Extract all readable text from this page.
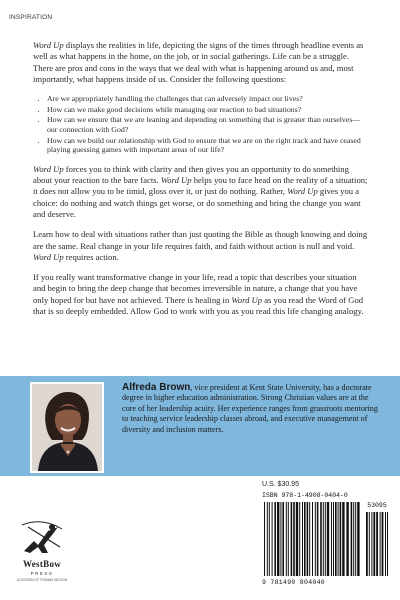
INSPIRATION

Word Up displays the realities in life, depicting the signs of the times through headline events as well as what happens in the home, on the job, or in social gatherings. Life can be a struggle. There are pros and cons in the ways that we deal with what is happening around us and, most importantly, what happens inside of us. Consider the following questions:

• Are we appropriately handling the challenges that can adversely impact our lives?
• How can we make good decisions while managing our reaction to bad situations?
• How can we ensure that we are leaning and depending on something that is greater than ourselves—our connection with God?
• How can we build our relationship with God to ensure that we are on the right track and have ceased playing guessing games with important areas of our life?

Word Up forces you to think with clarity and then gives you an opportunity to do something about your reaction to the bare facts. Word Up helps you to face head on the reality of a situation; it does not allow you to be timid, gloss over it, or just do nothing. Rather, Word Up gives you a choice: do nothing and watch things get worse, or do something and bring the change you want and deserve.

Learn how to deal with situations rather than just quoting the Bible as though knowing and doing are the same. Real change in your life requires faith, and faith without action is null and void. Word Up requires action.

If you really want transformative change in your life, read a topic that describes your situation and begin to bring the deep change that becomes irreversible in nature, a change that you have only hoped for but have not achieved. There is healing in Word Up as you read the Word of God that is so deeply embedded. Allow God to work with you as you read this life changing analogy.

Alfreda Brown, vice president at Kent State University, has a doctorate degree in higher education administration. Strong Christian values are at the core of her leadership acuity. Her experience ranges from grassroots mentoring to teaching service leadership classes abroad, and executive management of diversity and inclusion matters.
WestBow
PRESS
A DIVISION OF THOMAS NELSON
U.S. $30.95
ISBN 978-1-4908-0404-0
9 781490 804040
53095
